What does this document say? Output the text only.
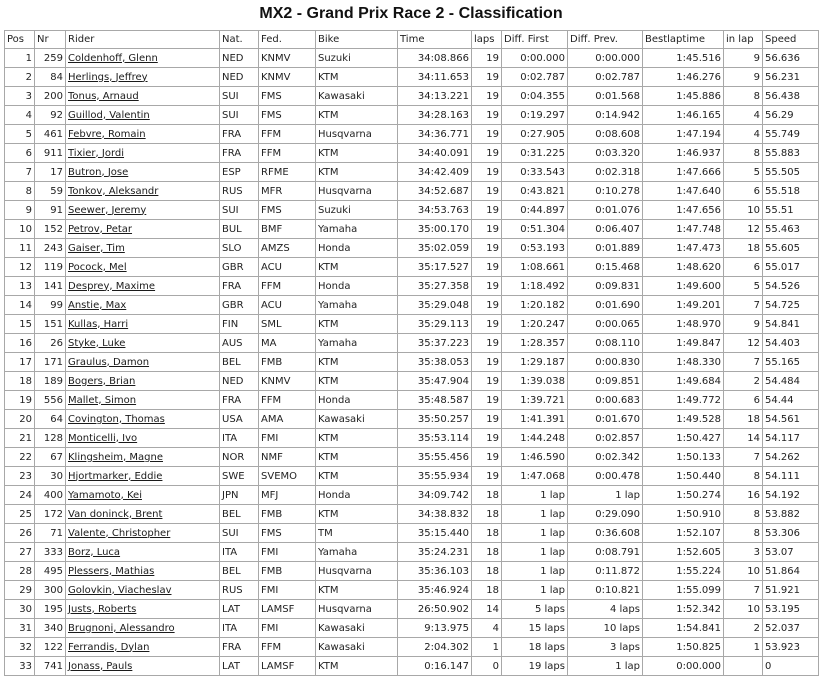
MX2 - Grand Prix Race 2 - Classification
Pos	Nr	Rider	Nat.	Fed.	Bike	Time	laps	Diff. First	Diff. Prev.	Bestlaptime	in lap	Speed
1	259	Coldenhoff, Glenn	NED	KNMV	Suzuki	34:08.866	19	0:00.000	0:00.000	1:45.516	9	56.636
2	84	Herlings, Jeffrey	NED	KNMV	KTM	34:11.653	19	0:02.787	0:02.787	1:46.276	9	56.231
3	200	Tonus, Arnaud	SUI	FMS	Kawasaki	34:13.221	19	0:04.355	0:01.568	1:45.886	8	56.438
4	92	Guillod, Valentin	SUI	FMS	KTM	34:28.163	19	0:19.297	0:14.942	1:46.165	4	56.29
5	461	Febvre, Romain	FRA	FFM	Husqvarna	34:36.771	19	0:27.905	0:08.608	1:47.194	4	55.749
6	911	Tixier, Jordi	FRA	FFM	KTM	34:40.091	19	0:31.225	0:03.320	1:46.937	8	55.883
7	17	Butron, Jose	ESP	RFME	KTM	34:42.409	19	0:33.543	0:02.318	1:47.666	5	55.505
8	59	Tonkov, Aleksandr	RUS	MFR	Husqvarna	34:52.687	19	0:43.821	0:10.278	1:47.640	6	55.518
9	91	Seewer, Jeremy	SUI	FMS	Suzuki	34:53.763	19	0:44.897	0:01.076	1:47.656	10	55.51
10	152	Petrov, Petar	BUL	BMF	Yamaha	35:00.170	19	0:51.304	0:06.407	1:47.748	12	55.463
11	243	Gaiser, Tim	SLO	AMZS	Honda	35:02.059	19	0:53.193	0:01.889	1:47.473	18	55.605
12	119	Pocock, Mel	GBR	ACU	KTM	35:17.527	19	1:08.661	0:15.468	1:48.620	6	55.017
13	141	Desprey, Maxime	FRA	FFM	Honda	35:27.358	19	1:18.492	0:09.831	1:49.600	5	54.526
14	99	Anstie, Max	GBR	ACU	Yamaha	35:29.048	19	1:20.182	0:01.690	1:49.201	7	54.725
15	151	Kullas, Harri	FIN	SML	KTM	35:29.113	19	1:20.247	0:00.065	1:48.970	9	54.841
16	26	Styke, Luke	AUS	MA	Yamaha	35:37.223	19	1:28.357	0:08.110	1:49.847	12	54.403
17	171	Graulus, Damon	BEL	FMB	KTM	35:38.053	19	1:29.187	0:00.830	1:48.330	7	55.165
18	189	Bogers, Brian	NED	KNMV	KTM	35:47.904	19	1:39.038	0:09.851	1:49.684	2	54.484
19	556	Mallet, Simon	FRA	FFM	Honda	35:48.587	19	1:39.721	0:00.683	1:49.772	6	54.44
20	64	Covington, Thomas	USA	AMA	Kawasaki	35:50.257	19	1:41.391	0:01.670	1:49.528	18	54.561
21	128	Monticelli, Ivo	ITA	FMI	KTM	35:53.114	19	1:44.248	0:02.857	1:50.427	14	54.117
22	67	Klingsheim, Magne	NOR	NMF	KTM	35:55.456	19	1:46.590	0:02.342	1:50.133	7	54.262
23	30	Hjortmarker, Eddie	SWE	SVEMO	KTM	35:55.934	19	1:47.068	0:00.478	1:50.440	8	54.111
24	400	Yamamoto, Kei	JPN	MFJ	Honda	34:09.742	18	1 lap	1 lap	1:50.274	16	54.192
25	172	Van doninck, Brent	BEL	FMB	KTM	34:38.832	18	1 lap	0:29.090	1:50.910	8	53.882
26	71	Valente, Christopher	SUI	FMS	TM	35:15.440	18	1 lap	0:36.608	1:52.107	8	53.306
27	333	Borz, Luca	ITA	FMI	Yamaha	35:24.231	18	1 lap	0:08.791	1:52.605	3	53.07
28	495	Plessers, Mathias	BEL	FMB	Husqvarna	35:36.103	18	1 lap	0:11.872	1:55.224	10	51.864
29	300	Golovkin, Viacheslav	RUS	FMI	KTM	35:46.924	18	1 lap	0:10.821	1:55.099	7	51.921
30	195	Justs, Roberts	LAT	LAMSF	Husqvarna	26:50.902	14	5 laps	4 laps	1:52.342	10	53.195
31	340	Brugnoni, Alessandro	ITA	FMI	Kawasaki	9:13.975	4	15 laps	10 laps	1:54.841	2	52.037
32	122	Ferrandis, Dylan	FRA	FFM	Kawasaki	2:04.302	1	18 laps	3 laps	1:50.825	1	53.923
33	741	Jonass, Pauls	LAT	LAMSF	KTM	0:16.147	0	19 laps	1 lap	0:00.000		0
